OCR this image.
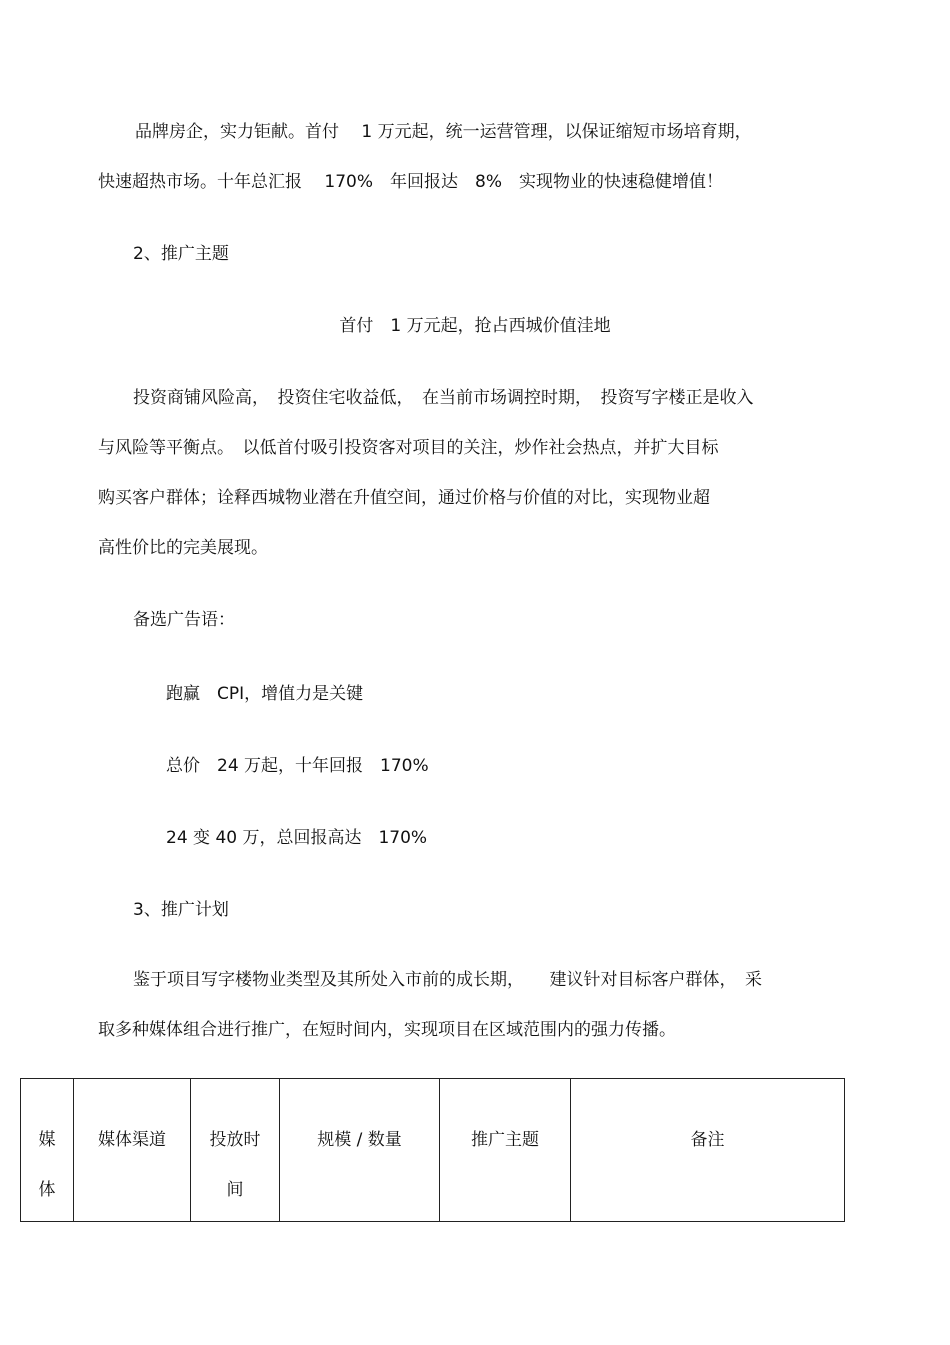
品牌房企，实力钜献。首付　 1 万元起，统一运营管理，以保证缩短市场培育期，
快速超热市场。十年总汇报　 170%　年回报达　8%　实现物业的快速稳健增值！
2、推广主题
首付　1 万元起，抢占西城价值洼地
投资商铺风险高，　投资住宅收益低，　在当前市场调控时期，　投资写字楼正是收入
与风险等平衡点。　以低首付吸引投资客对项目的关注，炒作社会热点，并扩大目标
购买客户群体；诠释西城物业潜在升值空间，通过价格与价值的对比，实现物业超
高性价比的完美展现。
备选广告语：
跑赢　CPI，增值力是关键
总价　24 万起，十年回报　170%
24 变 40 万，总回报高达　170%
3、推广计划
鉴于项目写字楼物业类型及其所处入市前的成长期，　　建议针对目标客户群体，　采
取多种媒体组合进行推广，在短时间内，实现项目在区域范围内的强力传播。
媒
体	媒体渠道	投放时
间	规模 / 数量	推广主题	备注
